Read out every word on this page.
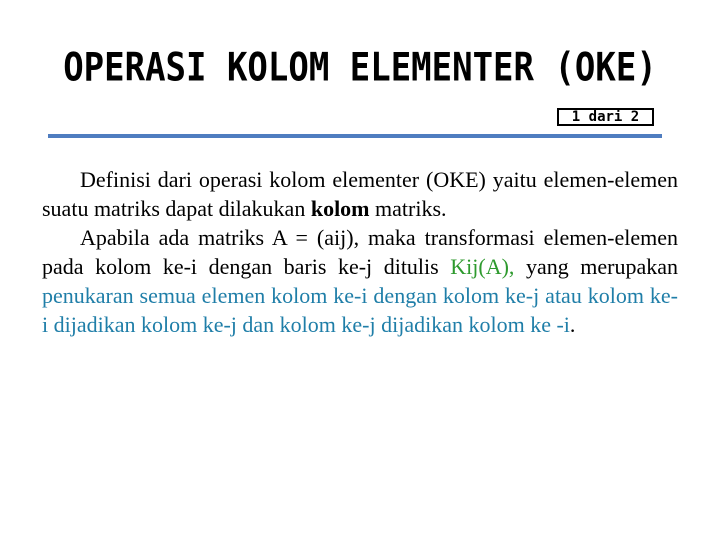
OPERASI KOLOM ELEMENTER (OKE)
1 dari 2

Definisi dari operasi kolom elementer (OKE) yaitu elemen-elemen suatu matriks dapat dilakukan kolom matriks.

Apabila ada matriks A = (aij), maka transformasi elemen-elemen pada kolom ke-i dengan baris ke-j ditulis Kij(A), yang merupakan penukaran semua elemen kolom ke-i dengan kolom ke-j atau kolom ke-i dijadikan kolom ke-j dan kolom ke-j dijadikan kolom ke -i.
